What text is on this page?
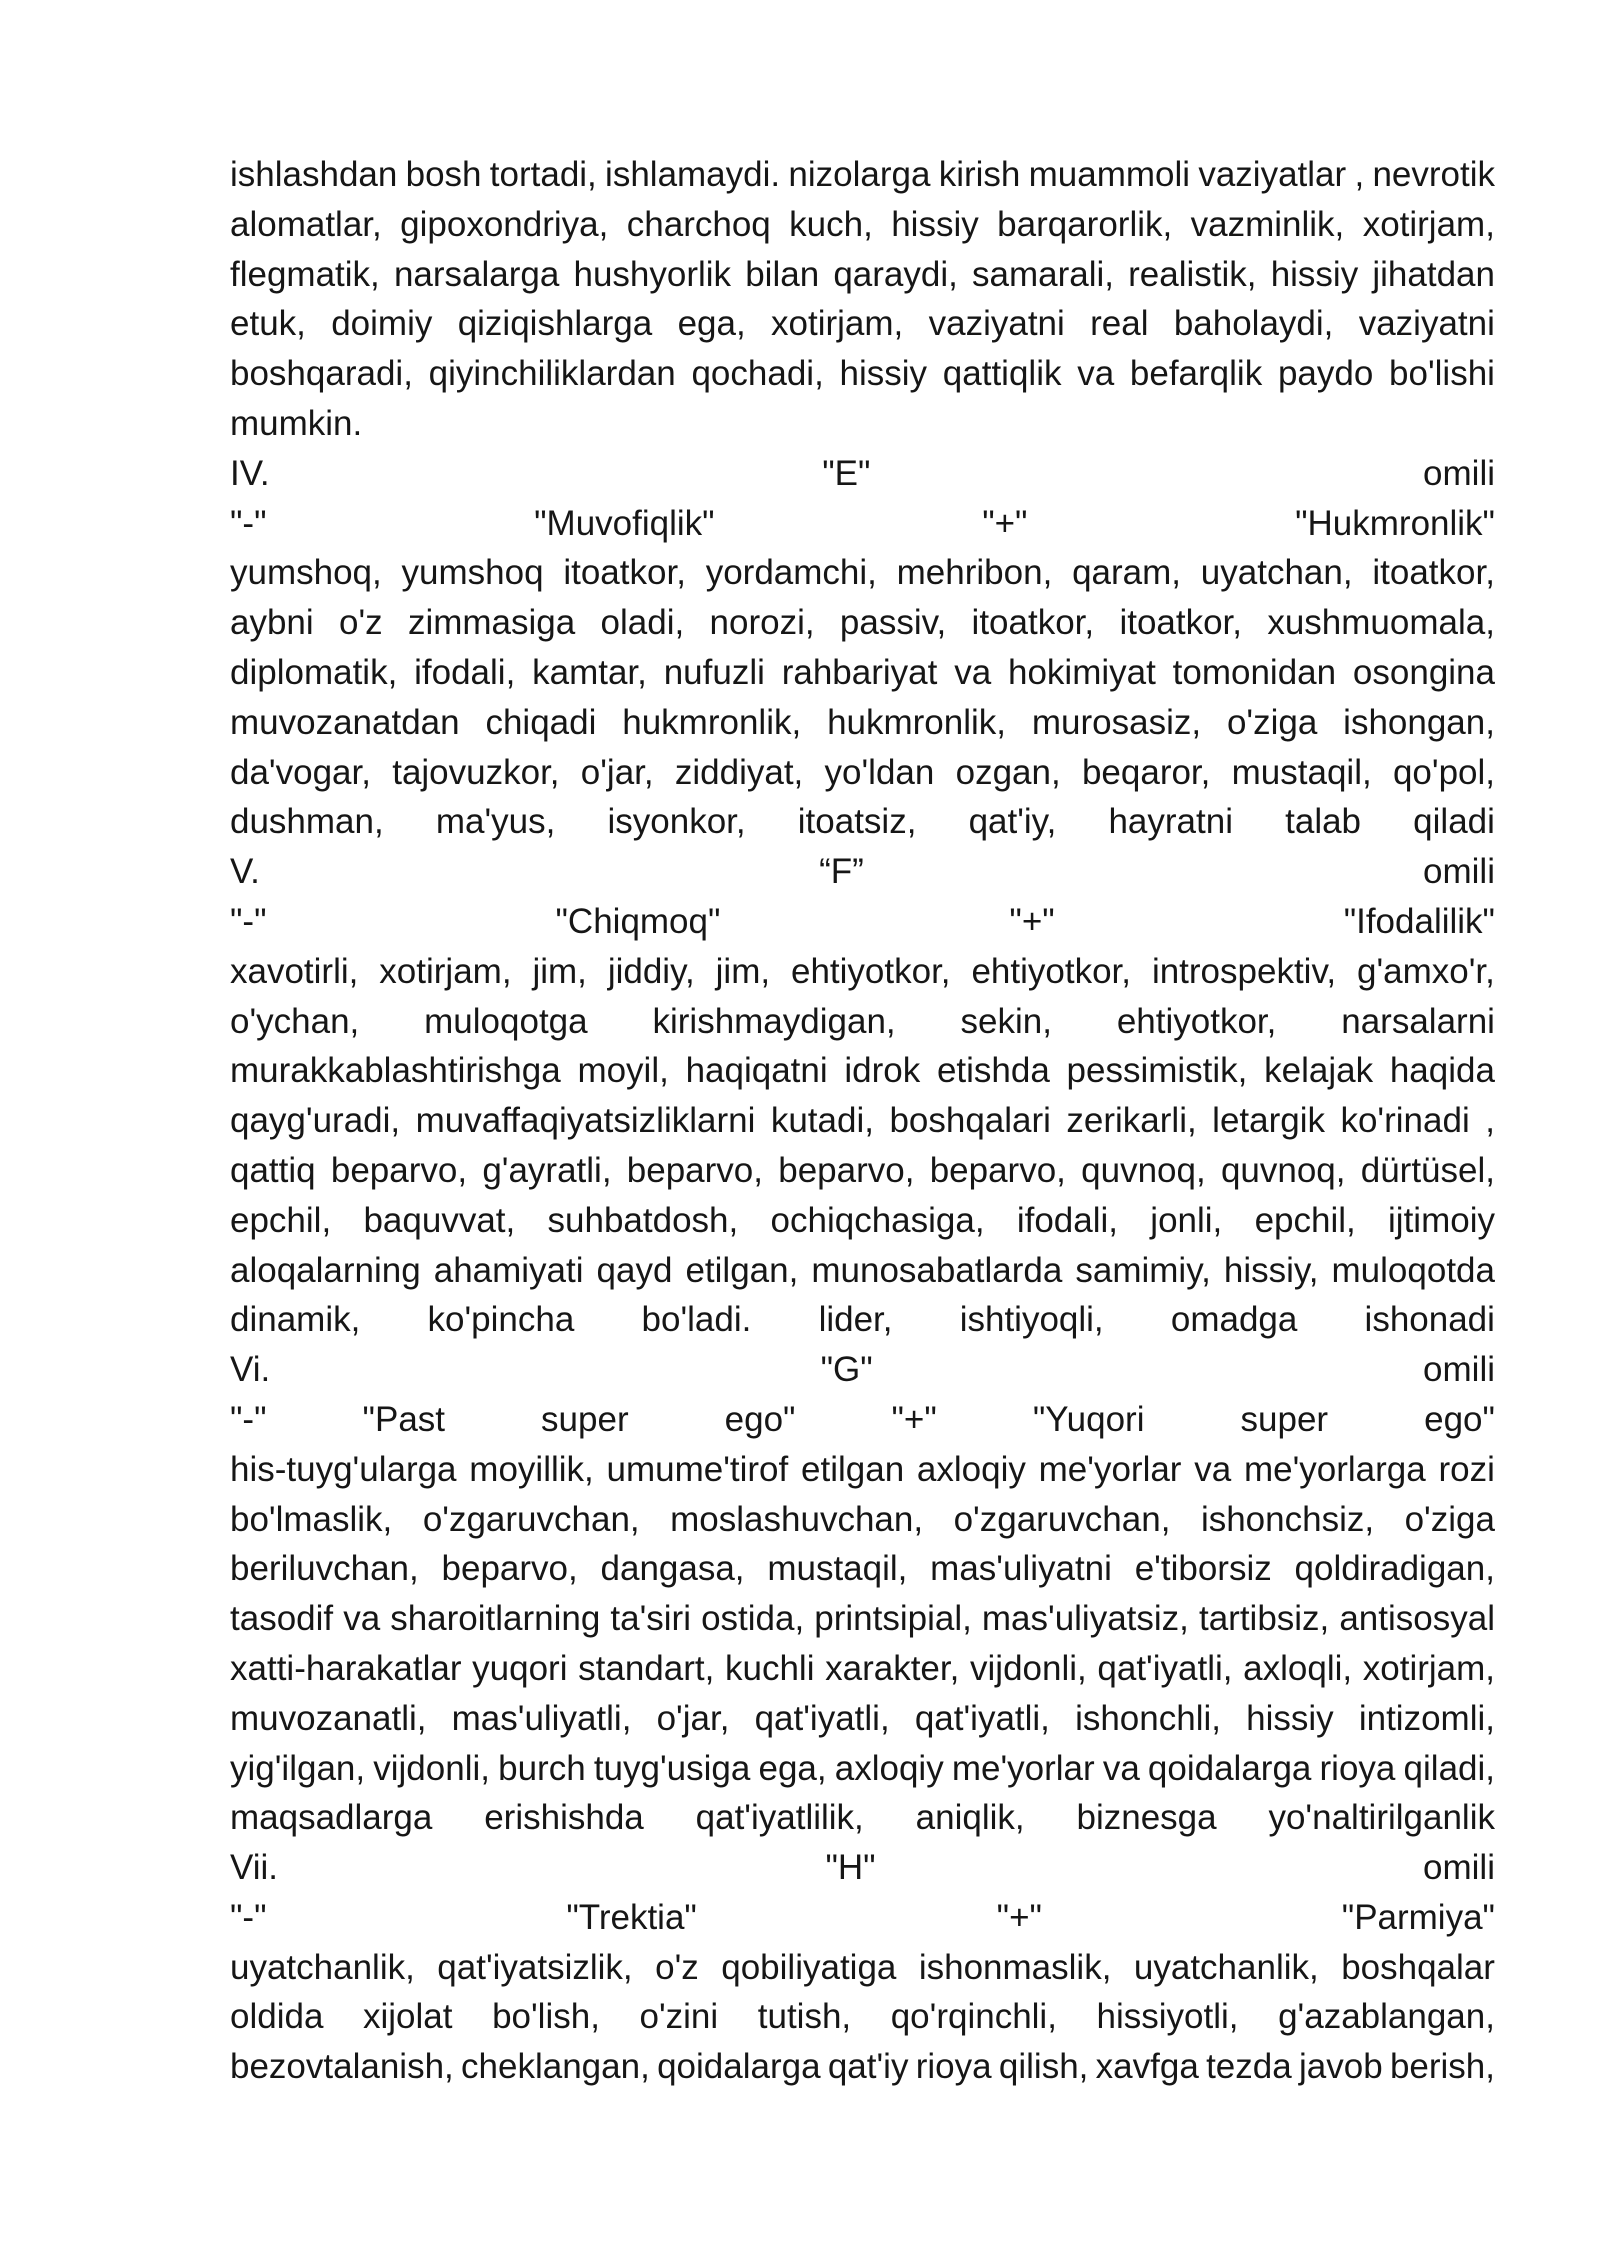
ishlashdan bosh tortadi, ishlamaydi. nizolarga kirish muammoli vaziyatlar , nevrotik
alomatlar, gipoxondriya, charchoq kuch, hissiy barqarorlik, vazminlik, xotirjam,
flegmatik, narsalarga hushyorlik bilan qaraydi, samarali, realistik, hissiy jihatdan
etuk, doimiy qiziqishlarga ega, xotirjam, vaziyatni real baholaydi, vaziyatni
boshqaradi, qiyinchiliklardan qochadi, hissiy qattiqlik va befarqlik paydo bo'lishi
mumkin.
IV.	"E"	omili
"-"	"Muvofiqlik"	"+"	"Hukmronlik"
yumshoq, yumshoq itoatkor, yordamchi, mehribon, qaram, uyatchan, itoatkor,
aybni o'z zimmasiga oladi, norozi, passiv, itoatkor, itoatkor, xushmuomala,
diplomatik, ifodali, kamtar, nufuzli rahbariyat va hokimiyat tomonidan osongina
muvozanatdan chiqadi hukmronlik, hukmronlik, murosasiz, o'ziga ishongan,
da'vogar, tajovuzkor, o'jar, ziddiyat, yo'ldan ozgan, beqaror, mustaqil, qo'pol,
dushman, ma'yus, isyonkor, itoatsiz, qat'iy, hayratni talab qiladi
V.	“F”	omili
"-"	"Chiqmoq"	"+"	"Ifodalilik"
xavotirli, xotirjam, jim, jiddiy, jim, ehtiyotkor, ehtiyotkor, introspektiv, g'amxo'r,
o'ychan, muloqotga kirishmaydigan, sekin, ehtiyotkor, narsalarni
murakkablashtirishga moyil, haqiqatni idrok etishda pessimistik, kelajak haqida
qayg'uradi, muvaffaqiyatsizliklarni kutadi, boshqalari zerikarli, letargik ko'rinadi ,
qattiq beparvo, g'ayratli, beparvo, beparvo, beparvo, quvnoq, quvnoq, dürtüsel,
epchil, baquvvat, suhbatdosh, ochiqchasiga, ifodali, jonli, epchil, ijtimoiy
aloqalarning ahamiyati qayd etilgan, munosabatlarda samimiy, hissiy, muloqotda
dinamik, ko'pincha bo'ladi. lider, ishtiyoqli, omadga ishonadi
Vi.	"G"	omili
"-"	"Past	super	ego"	"+"	"Yuqori	super	ego"
his-tuyg'ularga moyillik, umume'tirof etilgan axloqiy me'yorlar va me'yorlarga rozi
bo'lmaslik, o'zgaruvchan, moslashuvchan, o'zgaruvchan, ishonchsiz, o'ziga
beriluvchan, beparvo, dangasa, mustaqil, mas'uliyatni e'tiborsiz qoldiradigan,
tasodif va sharoitlarning ta'siri ostida, printsipial, mas'uliyatsiz, tartibsiz, antisosyal
xatti-harakatlar yuqori standart, kuchli xarakter, vijdonli, qat'iyatli, axloqli, xotirjam,
muvozanatli, mas'uliyatli, o'jar, qat'iyatli, qat'iyatli, ishonchli, hissiy intizomli,
yig'ilgan, vijdonli, burch tuyg'usiga ega, axloqiy me'yorlar va qoidalarga rioya qiladi,
maqsadlarga erishishda qat'iyatlilik, aniqlik, biznesga yo'naltirilganlik
Vii.	"H"	omili
"-"	"Trektia"	"+"	"Parmiya"
uyatchanlik, qat'iyatsizlik, o'z qobiliyatiga ishonmaslik, uyatchanlik, boshqalar
oldida xijolat bo'lish, o'zini tutish, qo'rqinchli, hissiyotli, g'azablangan,
bezovtalanish, cheklangan, qoidalarga qat'iy rioya qilish, xavfga tezda javob berish,
